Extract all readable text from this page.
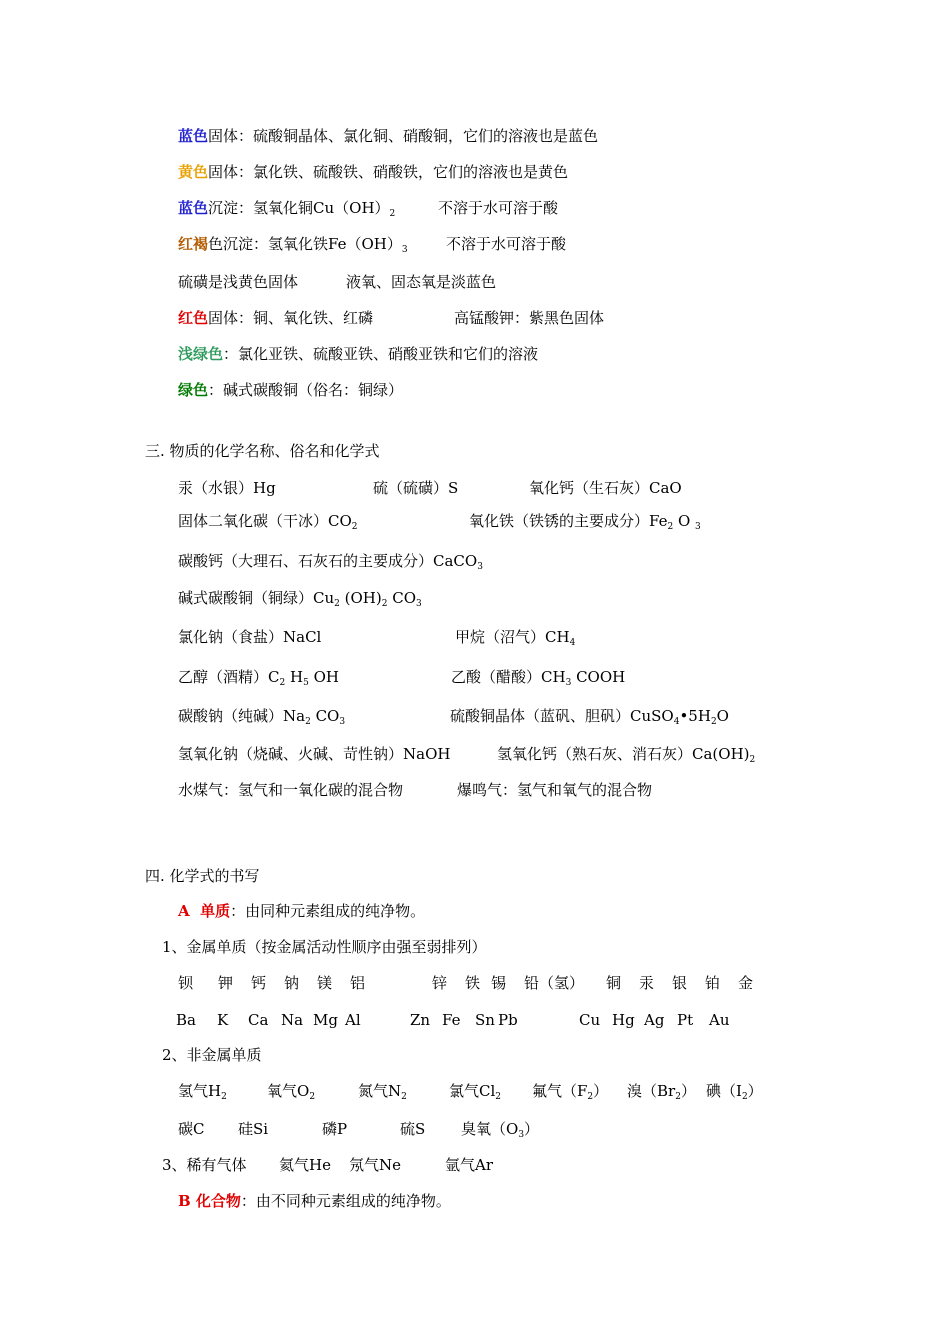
蓝色固体：硫酸铜晶体、氯化铜、硝酸铜，它们的溶液也是蓝色
黄色固体：氯化铁、硫酸铁、硝酸铁，它们的溶液也是黄色
蓝色沉淀：氢氧化铜$Cu(OH)_2$	不溶于水可溶于酸
红褐色沉淀：氢氧化铁$Fe(OH)_3$	不溶于水可溶于酸
硫磺是浅黄色固体	液氧、固态氧是淡蓝色
红色固体：铜、氧化铁、红磷	高锰酸钾：紫黑色固体
浅绿色：氯化亚铁、硫酸亚铁、硝酸亚铁和它们的溶液
绿色：碱式碳酸铜（俗名：铜绿）
三. 物质的化学名称、俗名和化学式
汞（水银）Hg	硫（硫磺）S	氧化钙（生石灰）CaO
固体二氧化碳（干冰）$CO_2$	氧化铁（铁锈的主要成分）$Fe_2$ O $_3$
碳酸钙（大理石、石灰石的主要成分）CaCO$_3$
碱式碳酸铜（铜绿）$Cu_2$ $(OH)_2$ $CO_3$
氯化钠（食盐）NaCl	甲烷（沼气）$CH_4$
乙醇（酒精）$C_2$ $H_5$ OH	乙酸（醋酸）$CH_3$ COOH
碳酸钠（纯碱）$Na_2$ $CO_3$	硫酸铜晶体（蓝矾、胆矾）$CuSO_4•5H_2O$
氢氧化钠（烧碱、火碱、苛性钠）NaOH	氢氧化钙（熟石灰、消石灰）$Ca(OH)_2$
水煤气：氢气和一氧化碳的混合物	爆鸣气：氢气和氧气的混合物
四. 化学式的书写
A  单质：由同种元素组成的纯净物。
1、金属单质（按金属活动性顺序由强至弱排列）
钡 钾 钙 钠 镁 铝	锌 铁 锡 铅（氢） 铜 汞 银 铂 金
Ba K Ca Na Mg Al	Zn Fe Sn Pb	Cu Hg Ag Pt Au
2、非金属单质
氢气$H_2$	氧气$O_2$	氮气$N_2$	氯气$Cl_2$ 氟气$(F_2)$ 溴$(Br_2)$ 碘$(I_2)$
碳C 硅Si	磷P	硫S 臭氧$(O_3)$
3、稀有气体 氦气He 氖气Ne	氩气Ar
B 化合物：由不同种元素组成的纯净物。
